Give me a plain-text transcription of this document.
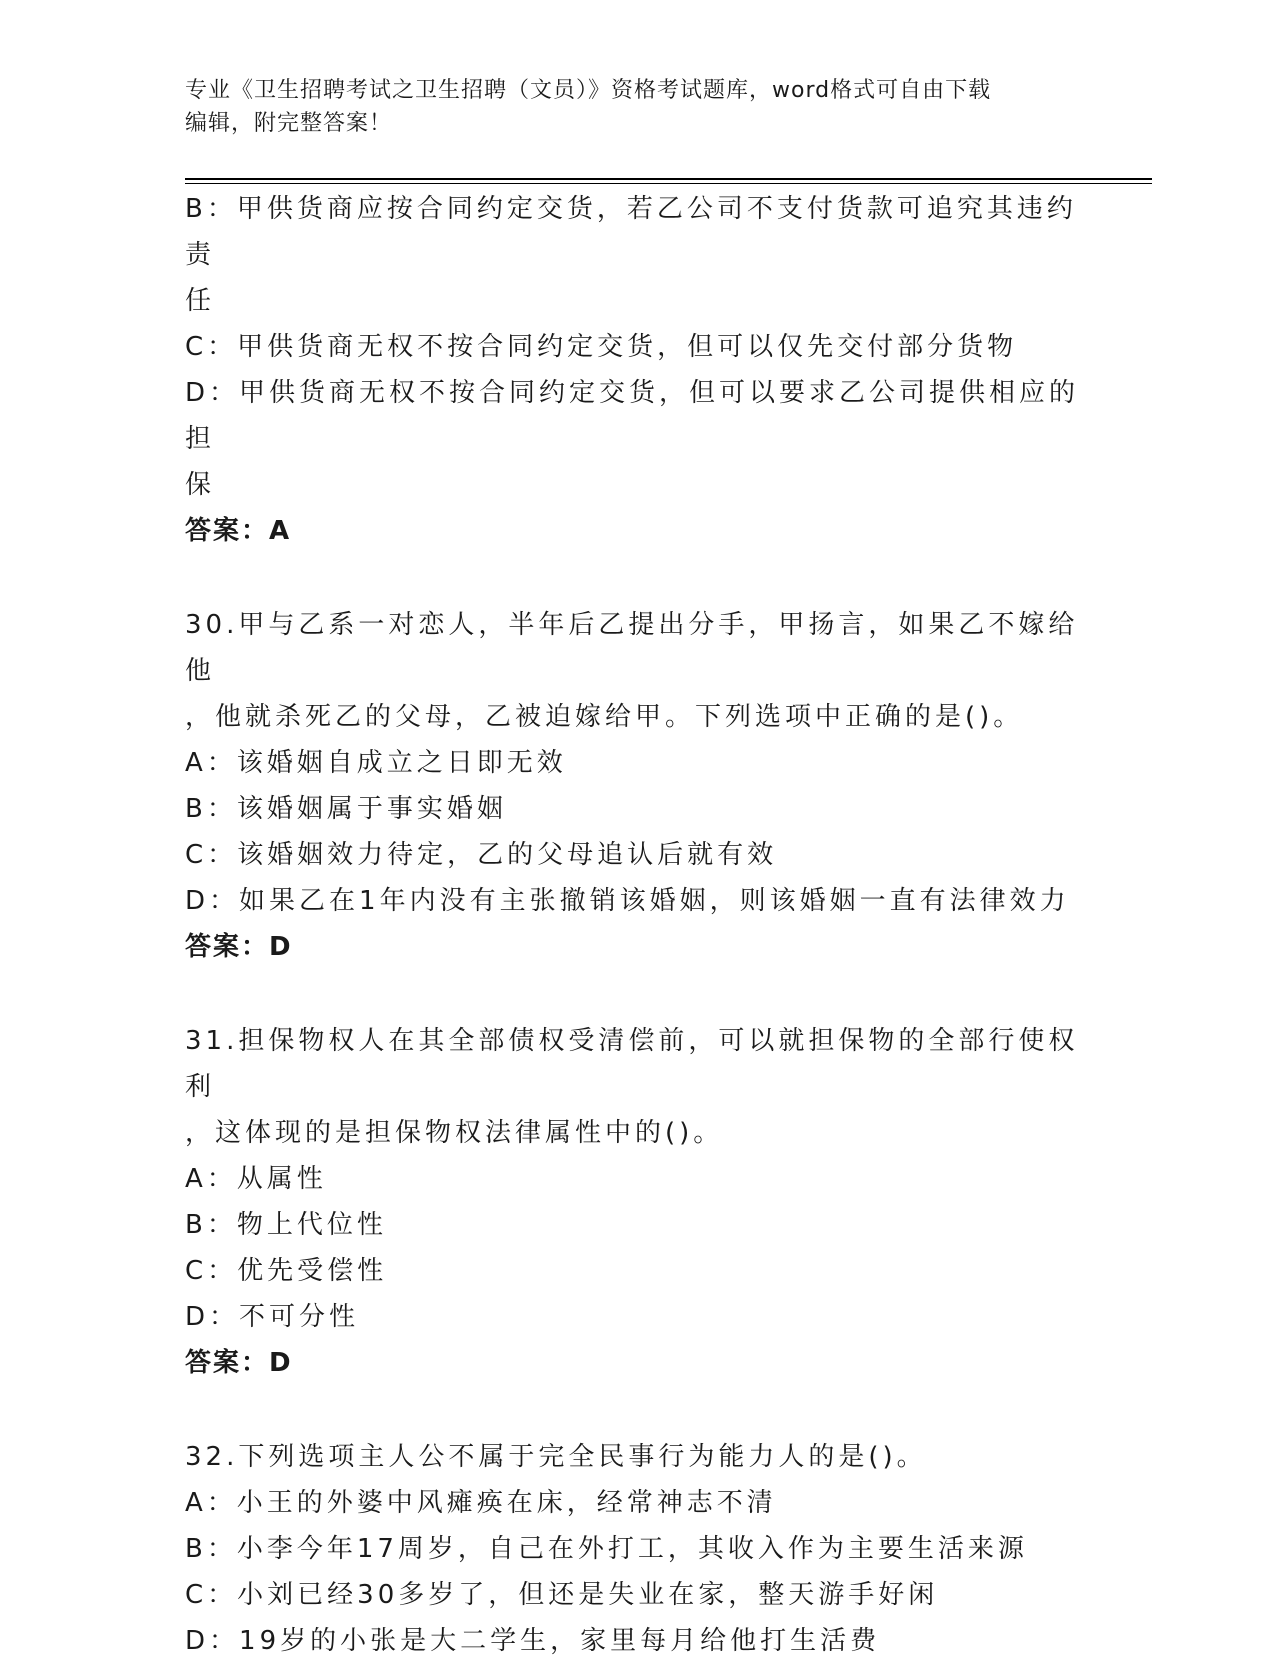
专业《卫生招聘考试之卫生招聘（文员）》资格考试题库，word格式可自由下载
编辑，附完整答案！
B：甲供货商应按合同约定交货，若乙公司不支付货款可追究其违约责
任
C：甲供货商无权不按合同约定交货，但可以仅先交付部分货物
D：甲供货商无权不按合同约定交货，但可以要求乙公司提供相应的担
保
答案：A
30.甲与乙系一对恋人，半年后乙提出分手，甲扬言，如果乙不嫁给他
，他就杀死乙的父母，乙被迫嫁给甲。下列选项中正确的是()。
A：该婚姻自成立之日即无效
B：该婚姻属于事实婚姻
C：该婚姻效力待定，乙的父母追认后就有效
D：如果乙在1年内没有主张撤销该婚姻，则该婚姻一直有法律效力
答案：D
31.担保物权人在其全部债权受清偿前，可以就担保物的全部行使权利
，这体现的是担保物权法律属性中的()。
A：从属性
B：物上代位性
C：优先受偿性
D：不可分性
答案：D
32.下列选项主人公不属于完全民事行为能力人的是()。
A：小王的外婆中风瘫痪在床，经常神志不清
B：小李今年17周岁，自己在外打工，其收入作为主要生活来源
C：小刘已经30多岁了，但还是失业在家，整天游手好闲
D：19岁的小张是大二学生，家里每月给他打生活费
